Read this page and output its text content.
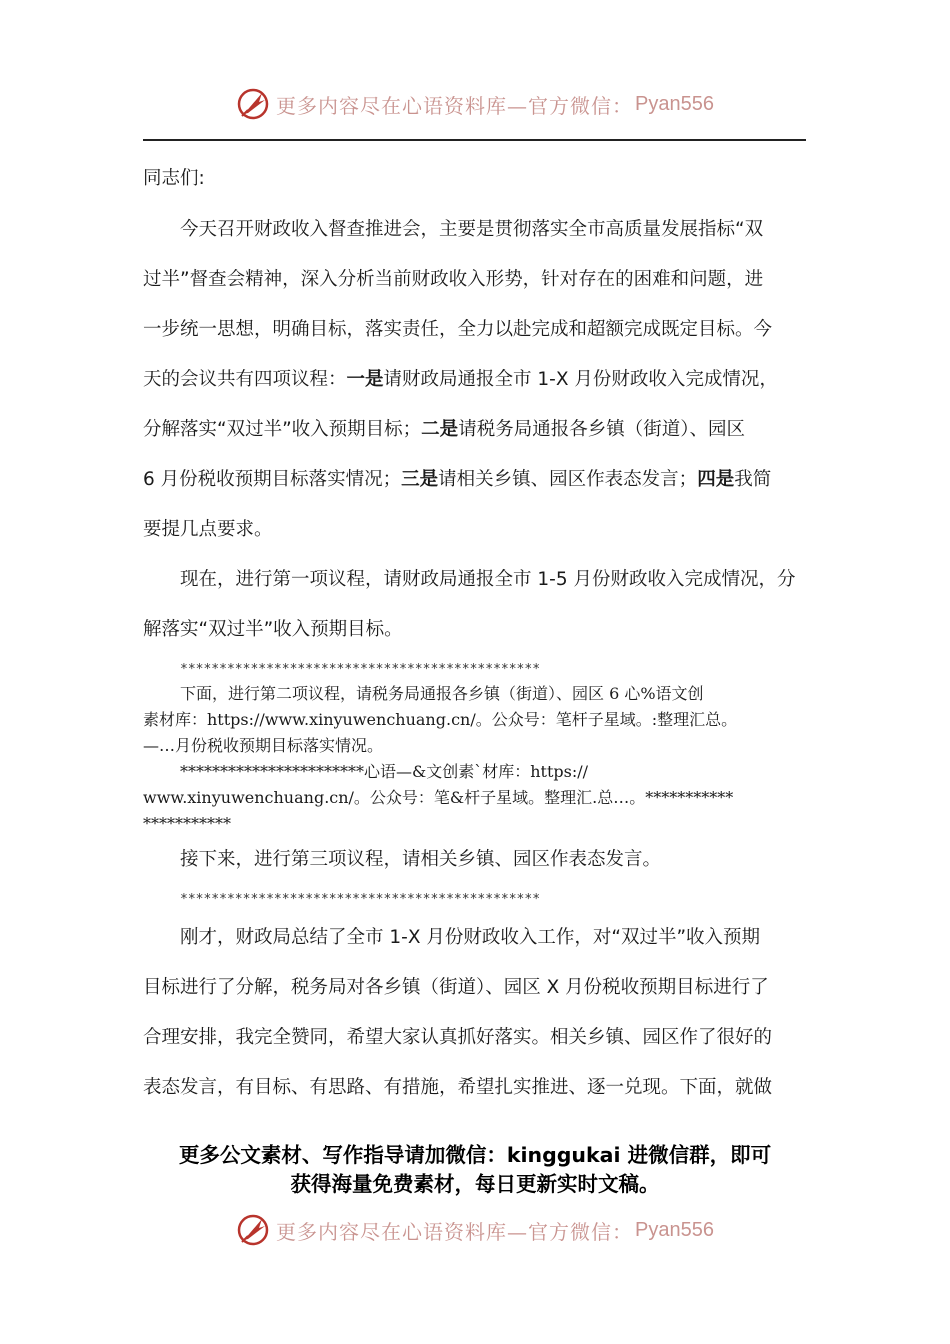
更多内容尽在心语资料库—官方微信： Pyan556
同志们:
今天召开财政收入督查推进会，主要是贯彻落实全市高质量发展指标“双
过半”督查会精神，深入分析当前财政收入形势，针对存在的困难和问题，进
一步统一思想，明确目标，落实责任，全力以赴完成和超额完成既定目标。今
天的会议共有四项议程：一是请财政局通报全市 1-X 月份财政收入完成情况，
分解落实“双过半”收入预期目标；二是请税务局通报各乡镇（街道）、园区
6 月份税收预期目标落实情况；三是请相关乡镇、园区作表态发言；四是我简
要提几点要求。
现在，进行第一项议程，请财政局通报全市 1-5 月份财政收入完成情况，分
解落实“双过半”收入预期目标。
**********************************************
下面，进行第二项议程，请税务局通报各乡镇（街道）、园区 6 心%语文创
素材库：https://www.xinyuwenchuang.cn/。公众号：笔杆子星域。:整理汇总。
—…月份税收预期目标落实情况。
***********************心语—&文创素`材库：https://
www.xinyuwenchuang.cn/。公众号：笔&杆子星域。整理汇.总…。***********
***********
接下来，进行第三项议程，请相关乡镇、园区作表态发言。
**********************************************
刚才，财政局总结了全市 1-X 月份财政收入工作，对“双过半”收入预期
目标进行了分解，税务局对各乡镇（街道）、园区 X 月份税收预期目标进行了
合理安排，我完全赞同，希望大家认真抓好落实。相关乡镇、园区作了很好的
表态发言，有目标、有思路、有措施，希望扎实推进、逐一兑现。下面，就做
更多公文素材、写作指导请加微信：kinggukai 进微信群，即可
获得海量免费素材，每日更新实时文稿。
更多内容尽在心语资料库—官方微信： Pyan556
